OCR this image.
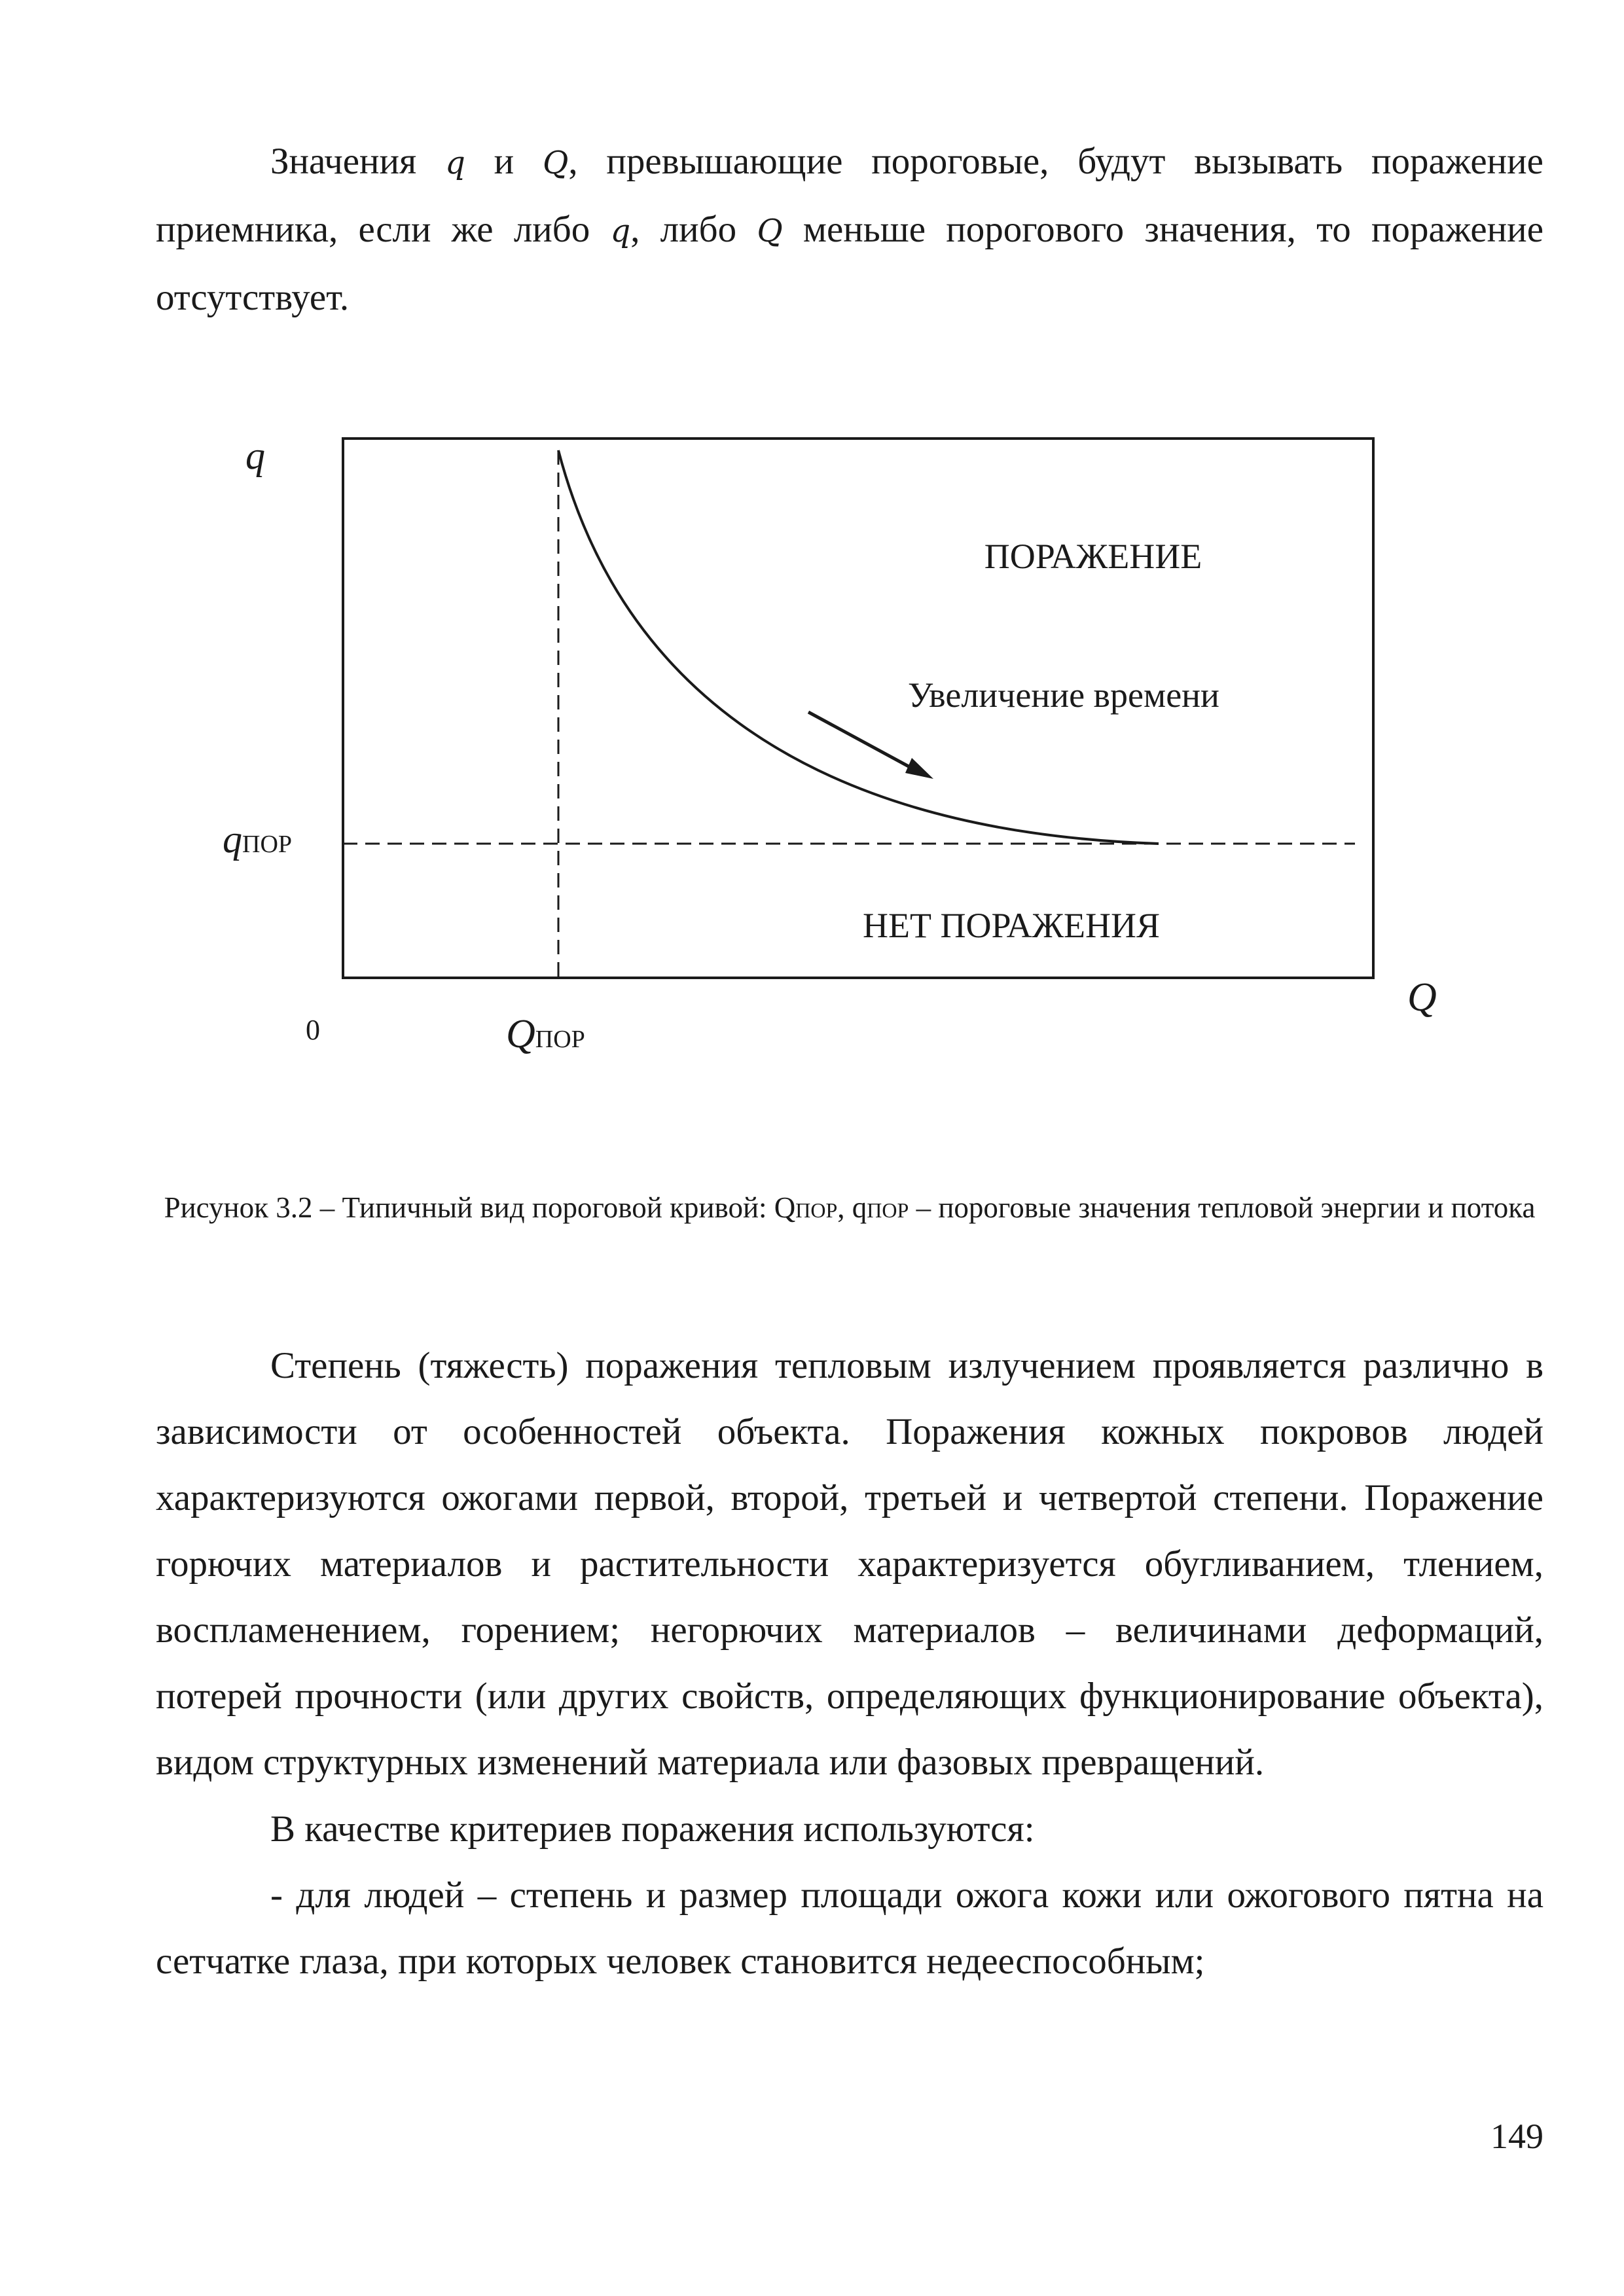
Значения q и Q, превышающие пороговые, будут вызывать поражение приемника, если же либо q, либо Q меньше порогового значения, то поражение отсутствует.

q
Q
0
qПОР
QПОР
ПОРАЖЕНИЕ
НЕТ ПОРАЖЕНИЯ
Увеличение времени

Рисунок 3.2 – Типичный вид пороговой кривой: QПОР, qПОР – пороговые значения тепловой энергии и потока

Степень (тяжесть) поражения тепловым излучением проявляется различно в зависимости от особенностей объекта. Поражения кожных покровов людей характеризуются ожогами первой, второй, третьей и четвертой степени. Поражение горючих материалов и растительности характеризуется обугливанием, тлением, воспламенением, горением; негорючих материалов – величинами деформаций, потерей прочности (или других свойств, определяющих функционирование объекта), видом структурных изменений материала или фазовых превращений.

В качестве критериев поражения используются:

- для людей – степень и размер площади ожога кожи или ожогового пятна на сетчатке глаза, при которых человек становится недееспособным;

149
